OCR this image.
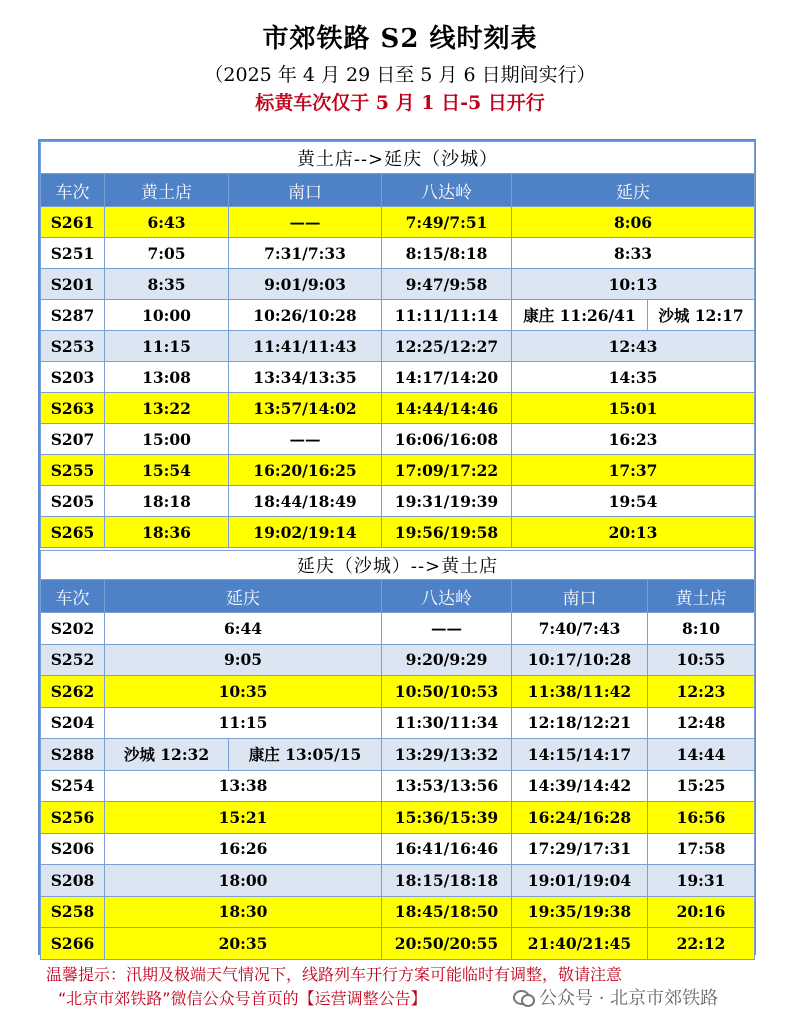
市郊铁路 S2 线时刻表
（2025 年 4 月 29 日至 5 月 6 日期间实行）
标黄车次仅于 5 月 1 日-5 日开行
黄土店-->延庆（沙城）					
车次	黄土店	南口	八达岭	延庆	
S261	6:43	——	7:49/7:51	8:06	
S251	7:05	7:31/7:33	8:15/8:18	8:33	
S201	8:35	9:01/9:03	9:47/9:58	10:13	
S287	10:00	10:26/10:28	11:11/11:14	康庄 11:26/41	沙城 12:17
S253	11:15	11:41/11:43	12:25/12:27	12:43	
S203	13:08	13:34/13:35	14:17/14:20	14:35	
S263	13:22	13:57/14:02	14:44/14:46	15:01	
S207	15:00	——	16:06/16:08	16:23	
S255	15:54	16:20/16:25	17:09/17:22	17:37	
S205	18:18	18:44/18:49	19:31/19:39	19:54	
S265	18:36	19:02/19:14	19:56/19:58	20:13	
延庆（沙城）-->黄土店					
车次	延庆		八达岭	南口	黄土店
S202	6:44		——	7:40/7:43	8:10
S252	9:05		9:20/9:29	10:17/10:28	10:55
S262	10:35		10:50/10:53	11:38/11:42	12:23
S204	11:15		11:30/11:34	12:18/12:21	12:48
S288	沙城 12:32	康庄 13:05/15	13:29/13:32	14:15/14:17	14:44
S254	13:38		13:53/13:56	14:39/14:42	15:25
S256	15:21		15:36/15:39	16:24/16:28	16:56
S206	16:26		16:41/16:46	17:29/17:31	17:58
S208	18:00		18:15/18:18	19:01/19:04	19:31
S258	18:30		18:45/18:50	19:35/19:38	20:16
S266	20:35		20:50/20:55	21:40/21:45	22:12
温馨提示：汛期及极端天气情况下，线路列车开行方案可能临时有调整，敬请注意
“北京市郊铁路”微信公众号首页的【运营调整公告】	公众号 · 北京市郊铁路
